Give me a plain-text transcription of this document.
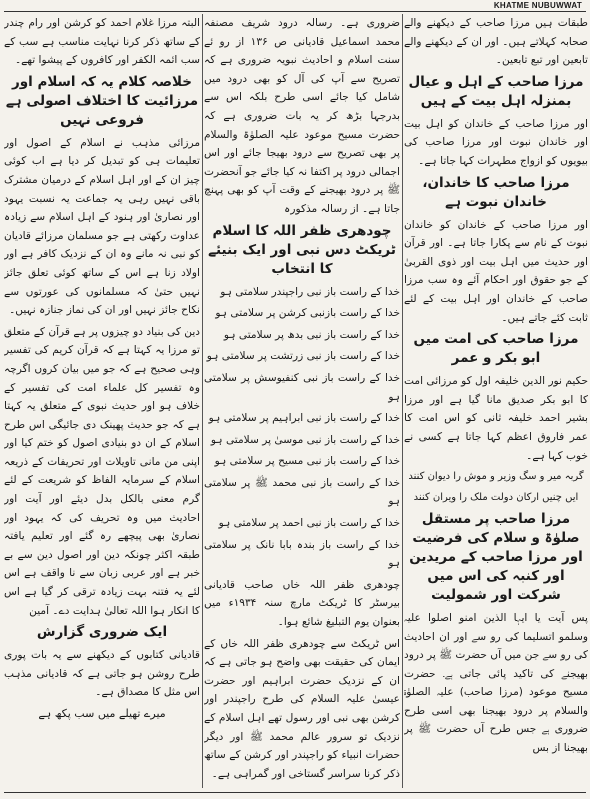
KHATME NUBUWWAT

طبقات ہیں مرزا صاحب کے دیکھنے والے صحابہ کہلاتے ہیں۔ اور ان کے دیکھنے والے تابعین اور تبع تابعین۔

مرزا صاحب کے اہل و عیال بمنزلہ اہل بیت کے ہیں

اور مرزا صاحب کے خاندان کو اہل بیت اور خاندان نبوت اور مرزا صاحب کی بیویوں کو ازواج مطہرات کہا جاتا ہے۔

مرزا صاحب کا خاندان، خاندان نبوت ہے

اور مرزا صاحب کے خاندان کو خاندان نبوت کے نام سے پکارا جاتا ہے۔ اور قرآن اور حدیث میں اہل بیت اور ذوی القربیٰ کے جو حقوق اور احکام آئے وہ سب مرزا صاحب کے خاندان اور اہل بیت کے لئے ثابت کئے جاتے ہیں۔

مرزا صاحب کی امت میں ابو بکر و عمر

حکیم نور الدین خلیفہ اول کو مرزائی امت کا ابو بکر صدیق مانا گیا ہے اور مرزا بشیر احمد خلیفہ ثانی کو اس امت کا عمر فاروق اعظم کہا جاتا ہے کسی نے خوب کہا ہے۔

گربہ میر و سگ وزیر و موش را دیوان کنند

ایں چنیں ارکان دولت ملک را ویران کنند

مرزا صاحب پر مستقل صلوٰۃ و سلام کی فرضیت اور مرزا صاحب کے مریدین اور کنبہ کی اس میں شرکت اور شمولیت

پس آیت یا ایہا الذین امنو اصلوا علیہ وسلمو اتسلیما کی رو سے اور ان احادیث کی رو سے جن میں آں حضرت ﷺ پر درود بھیجنے کی تاکید پائی جاتی ہے۔ حضرت مسیح موعود (مرزا صاحب) علیہ الصلوٰۃ والسلام پر درود بھیجنا بھی اسی طرح ضروری ہے جس طرح آں حضرت ﷺ پر بھیجنا از بس

ضروری ہے۔ رسالہ درود شریف مصنفہ محمد اسماعیل قادیانی ص ۱۳۶ از رو ئے سنت اسلام و احادیث نبویہ ضروری ہے کہ تصریح سے آپ کی آل کو بھی درود میں شامل کیا جائے اسی طرح بلکہ اس سے بدرجہا بڑھ کر یہ بات ضروری ہے کہ حضرت مسیح موعود علیہ الصلوٰۃ والسلام پر بھی تصریح سے درود بھیجا جائے اور اس اجمالی درود پر اکتفا نہ کیا جائے جو آنحضرت ﷺ پر درود بھیجنے کے وقت آپ کو بھی پہنچ جاتا ہے۔ از رسالہ مذکورہ

چودھری ظفر اللہ کا اسلام ٹریکٹ دس نبی اور ایک بنیئے کا انتخاب

خدا کے راست باز نبی راجپندر سلامتی ہو

خدا کے راست بازنبی کرشن پر سلامتی ہو

خدا کے راست باز نبی بدھ پر سلامتی ہو

خدا کے راست باز نبی زرتشت پر سلامتی ہو

خدا کے راست باز نبی کنفیوسش پر سلامتی ہو

خدا کے راست باز نبی ابراہیم پر سلامتی ہو

خدا کے راست باز نبی موسیٰ پر سلامتی ہو

خدا کے راست باز نبی مسیح پر سلامتی ہو

خدا کے راست باز نبی محمد ﷺ پر سلامتی ہو

خدا کے راست باز نبی احمد پر سلامتی ہو

خدا کے راست باز بندہ بابا نانک پر سلامتی ہو

چودھری ظفر اللہ خاں صاحب قادیانی بیرسٹر کا ٹریکٹ مارچ سنہ ۱۹۳۴ء میں بعنوان یوم التبلیغ شائع ہوا۔

اس ٹریکٹ سے چودھری ظفر اللہ خاں کے ایمان کی حقیقت بھی واضح ہو جاتی ہے کہ ان کے نزدیک حضرت ابراہیم اور حضرت عیسیٰ علیہ السلام کی طرح راجپندر اور کرشن بھی نبی اور رسول تھے اہل اسلام کے نزدیک تو سرور عالم محمد ﷺ اور دیگر حضرات انبیاء کو راجپندر اور کرشن کے ساتھ ذکر کرنا سراسر گستاخی اور گمراہی ہے۔

البتہ مرزا غلام احمد کو کرشن اور رام چندر کے ساتھ ذکر کرنا نہایت مناسب ہے سب کے سب ائمہ الکفر اور کافروں کے پیشوا تھے۔

خلاصہ کلام یہ کہ اسلام اور مرزائیت کا اختلاف اصولی ہے فروعی نہیں

مرزائی مذہب نے اسلام کے اصول اور تعلیمات ہی کو تبدیل کر دیا ہے اب کوئی چیز ان کے اور اہل اسلام کے درمیان مشترک باقی نہیں رہی یہ جماعت یہ نسبت یہود اور نصاریٰ اور ہنود کے اہل اسلام سے زیادہ عداوت رکھتی ہے جو مسلمان مرزائے قادیان کو نبی نہ مانے وہ ان کے نزدیک کافر ہے اور اولاد زنا ہے اس کے ساتھ کوئی تعلق جائز نہیں حتیٰ کہ مسلمانوں کی عورتوں سے نکاح جائز نہیں اور ان کی نماز جنازہ نہیں۔

دین کی بنیاد دو چیزوں پر ہے قرآن کے متعلق تو مرزا یہ کہتا ہے کہ قرآن کریم کی تفسیر وہی صحیح ہے کہ جو میں بیان کروں اگرچہ وہ تفسیر کل علماء امت کی تفسیر کے خلاف ہو اور حدیث نبوی کے متعلق یہ کہتا ہے کہ جو حدیث پھینک دی جائیگی اس طرح اسلام کے ان دو بنیادی اصول کو ختم کیا اور اپنی من مانی تاویلات اور تحریفات کے ذریعہ اسلام کے سرمایہ الفاظ کو شریعت کے لئے گرم معنی بالکل بدل دیئے اور آیت اور احادیث میں وہ تحریف کی کہ یہود اور نصاریٰ بھی پیچھے رہ گئے اور تعلیم یافتہ طبقہ اکثر چونکہ دین اور اصول دین سے بے خبر ہے اور عربی زبان سے نا واقف ہے اس لئے یہ فتنہ بہت زیادہ ترقی کر گیا ہے اس کا انکار ہوا اللہ تعالیٰ ہدایت دے۔ آمین

ایک ضروری گزارش

قادیانی کتابوں کے دیکھنے سے یہ بات پوری طرح روشن ہو جاتی ہے کہ قادیانی مذہب اس مثل کا مصداق ہے۔

میرے تھیلے میں سب پکھ ہے
